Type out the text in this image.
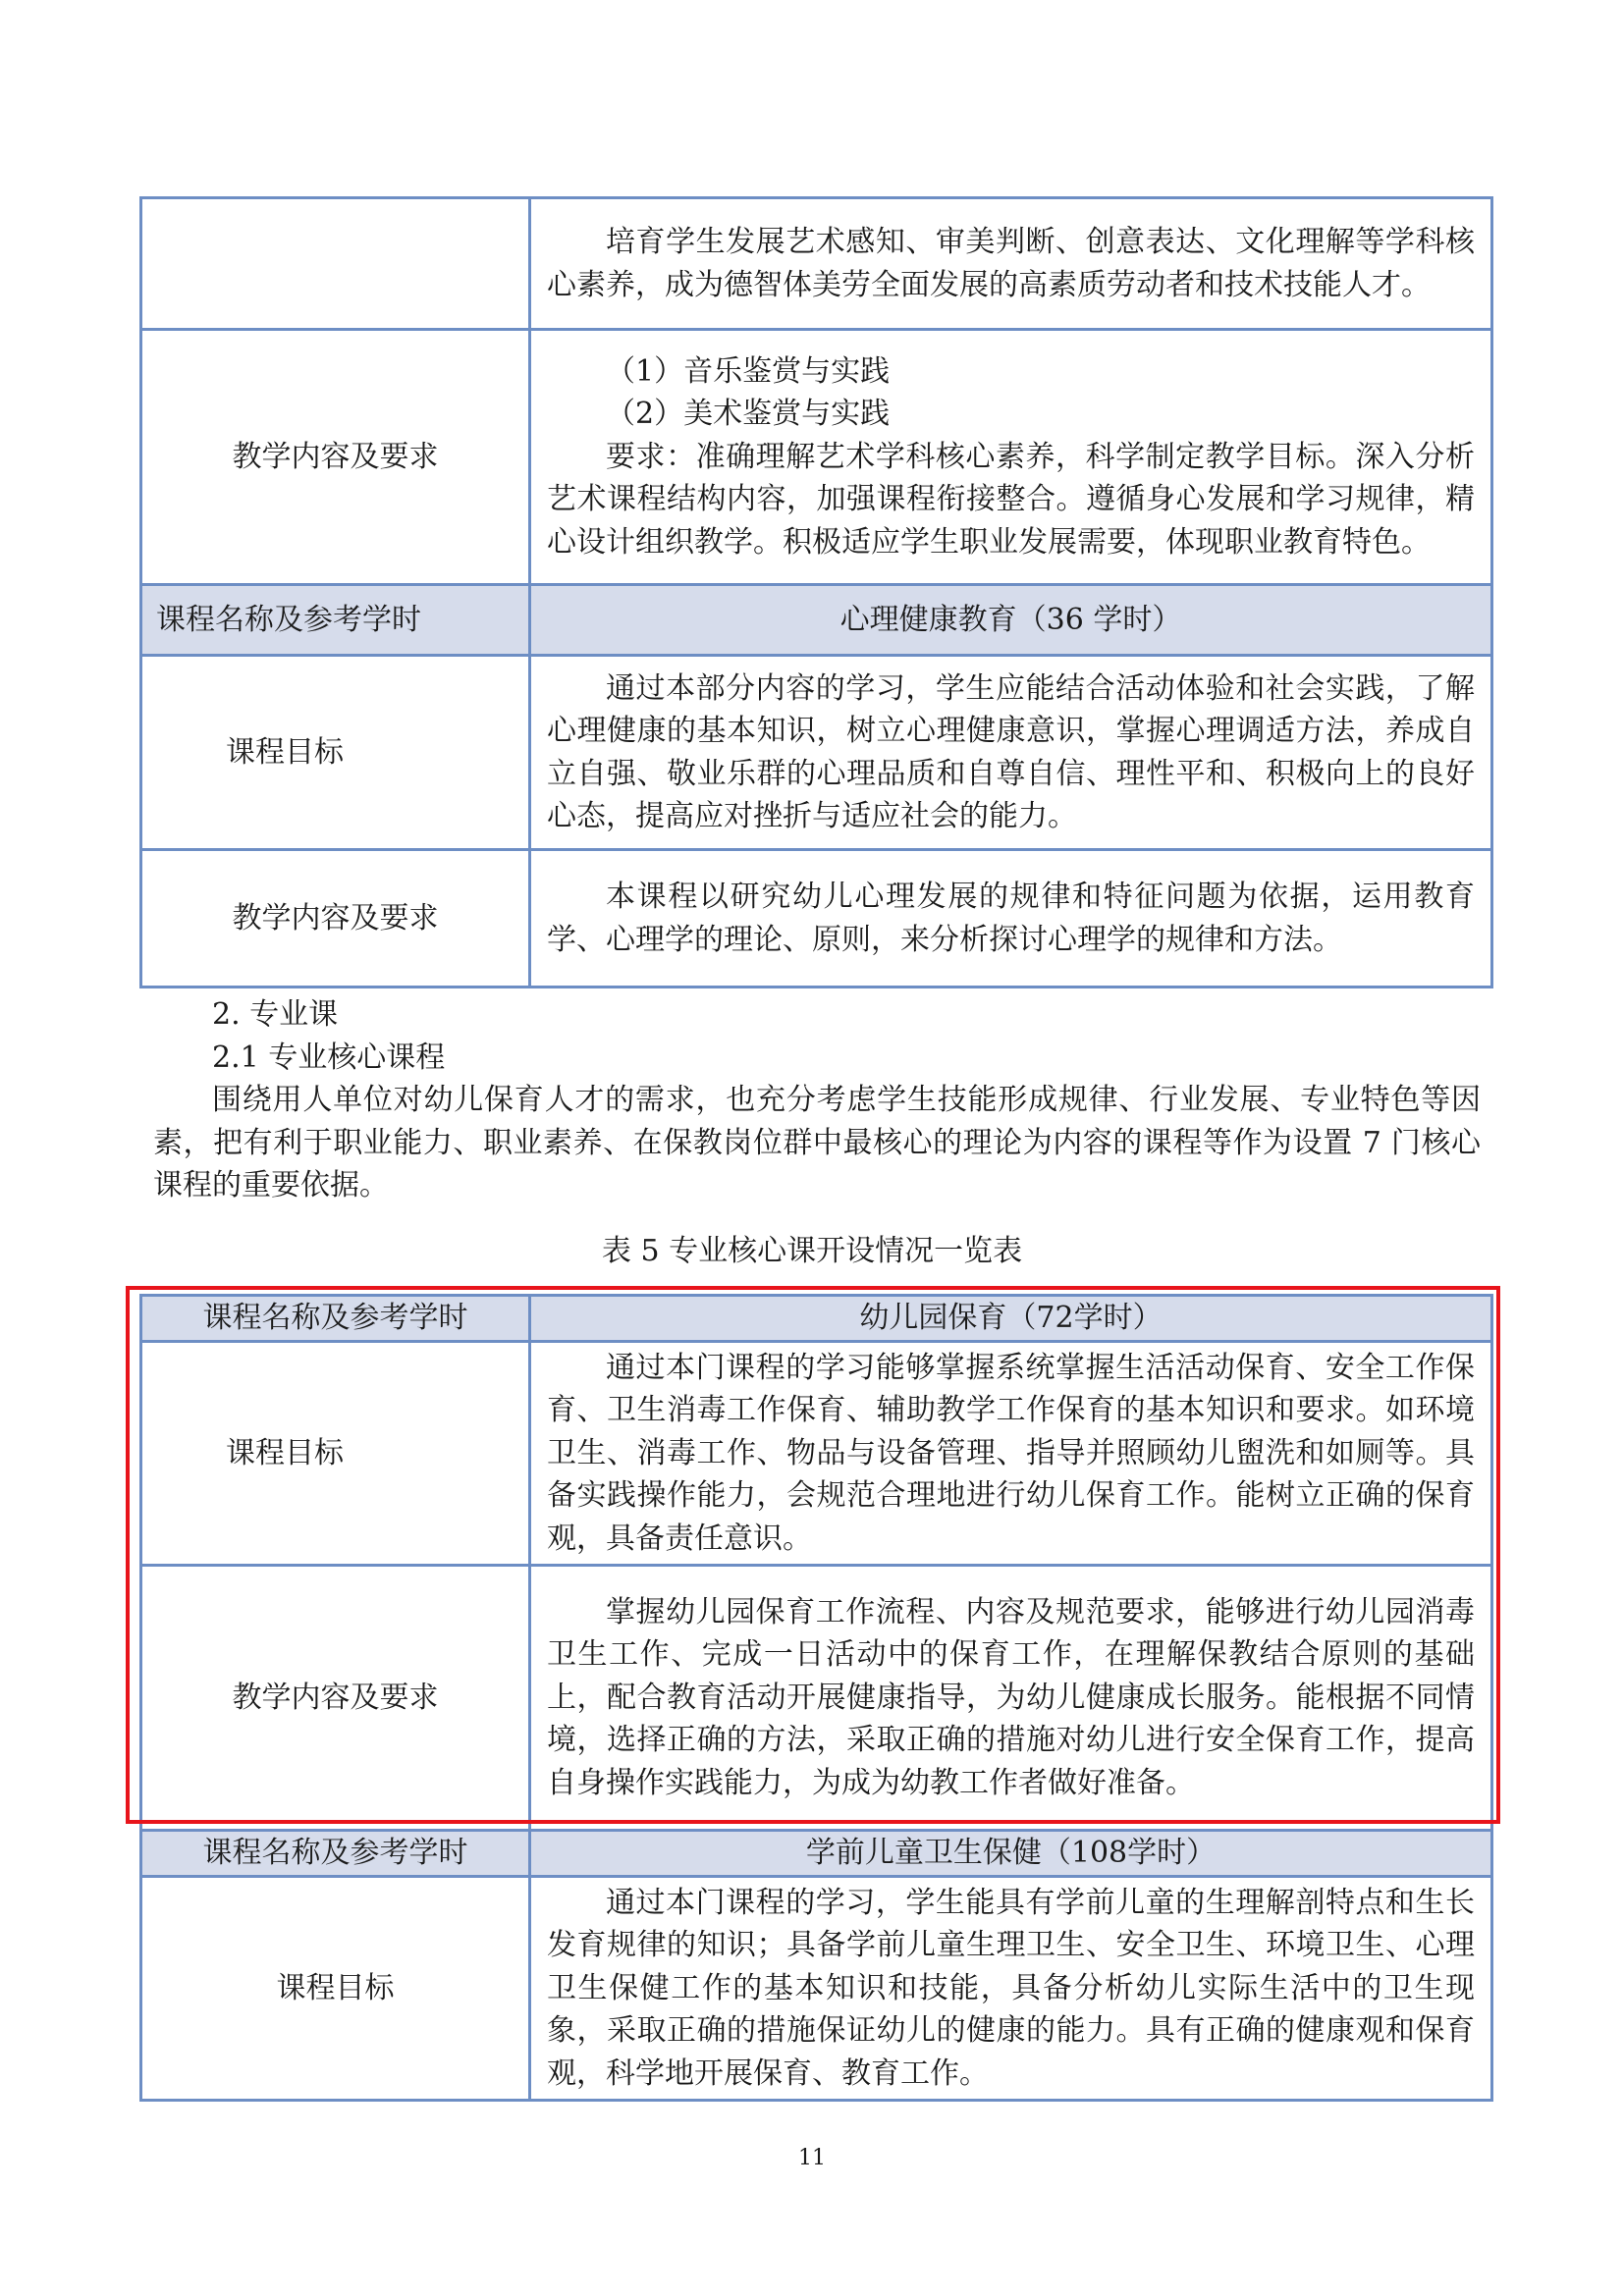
	培育学生发展艺术感知、审美判断、创意表达、文化理解等学科核心素养，成为德智体美劳全面发展的高素质劳动者和技术技能人才。

教学内容及要求	（1）音乐鉴赏与实践

（2）美术鉴赏与实践

要求：准确理解艺术学科核心素养，科学制定教学目标。深入分析艺术课程结构内容，加强课程衔接整合。遵循身心发展和学习规律，精心设计组织教学。积极适应学生职业发展需要，体现职业教育特色。

课程名称及参考学时	心理健康教育（36 学时）
课程目标	通过本部分内容的学习，学生应能结合活动体验和社会实践，了解心理健康的基本知识，树立心理健康意识，掌握心理调适方法，养成自立自强、敬业乐群的心理品质和自尊自信、理性平和、积极向上的良好心态，提高应对挫折与适应社会的能力。

教学内容及要求	本课程以研究幼儿心理发展的规律和特征问题为依据，运用教育学、心理学的理论、原则，来分析探讨心理学的规律和方法。

2. 专业课

2.1 专业核心课程

围绕用人单位对幼儿保育人才的需求，也充分考虑学生技能形成规律、行业发展、专业特色等因素，把有利于职业能力、职业素养、在保教岗位群中最核心的理论为内容的课程等作为设置 7 门核心课程的重要依据。

表 5 专业核心课开设情况一览表
课程名称及参考学时	幼儿园保育（72学时）
课程目标	通过本门课程的学习能够掌握系统掌握生活活动保育、安全工作保育、卫生消毒工作保育、辅助教学工作保育的基本知识和要求。如环境卫生、消毒工作、物品与设备管理、指导并照顾幼儿盥洗和如厕等。具备实践操作能力，会规范合理地进行幼儿保育工作。能树立正确的保育观，具备责任意识。

教学内容及要求	掌握幼儿园保育工作流程、内容及规范要求，能够进行幼儿园消毒卫生工作、完成一日活动中的保育工作，在理解保教结合原则的基础上，配合教育活动开展健康指导，为幼儿健康成长服务。能根据不同情境，选择正确的方法，采取正确的措施对幼儿进行安全保育工作，提高自身操作实践能力，为成为幼教工作者做好准备。

课程名称及参考学时	学前儿童卫生保健（108学时）
课程目标	通过本门课程的学习，学生能具有学前儿童的生理解剖特点和生长发育规律的知识；具备学前儿童生理卫生、安全卫生、环境卫生、心理卫生保健工作的基本知识和技能，具备分析幼儿实际生活中的卫生现象，采取正确的措施保证幼儿的健康的能力。具有正确的健康观和保育观，科学地开展保育、教育工作。

11
